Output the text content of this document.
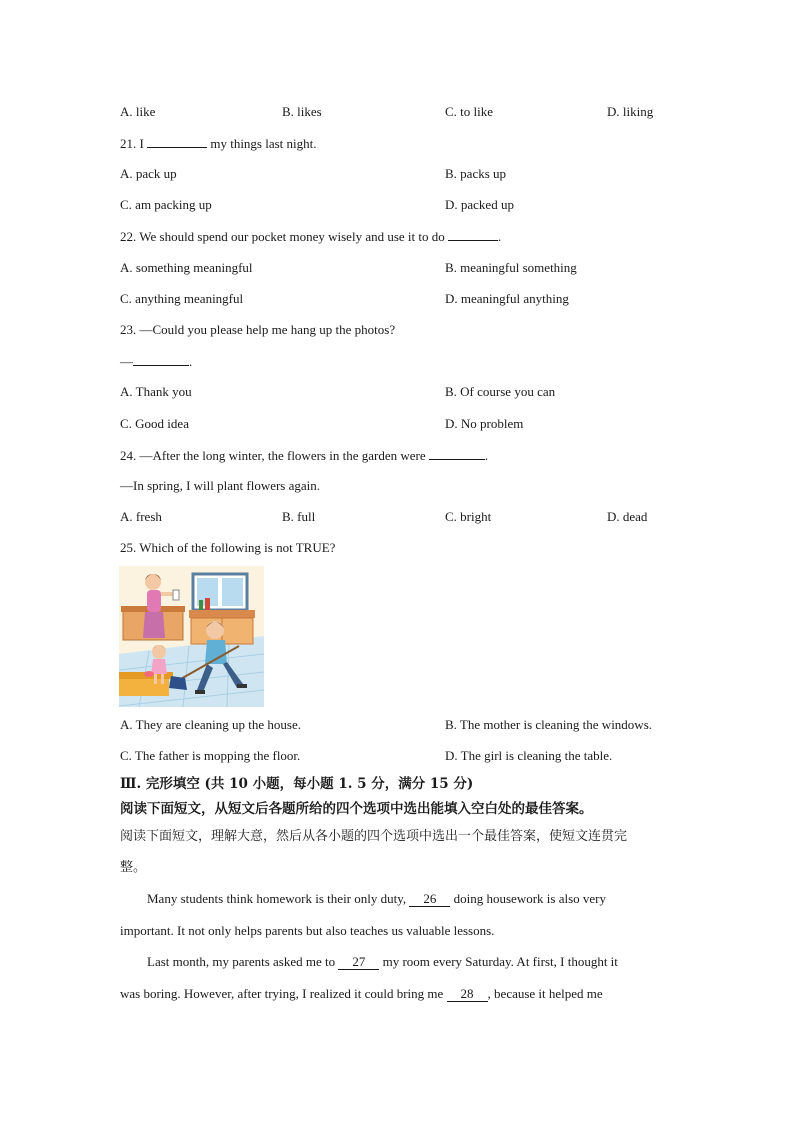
A. like	B. likes	C. to like	D. liking
21. I	my things last night.
A. pack up	B. packs up
C. am packing up	D. packed up
22. We should spend our pocket money wisely and use it to do	.
A. something meaningful	B. meaningful something
C. anything meaningful	D. meaningful anything
23. —Could you please help me hang up the photos?
—	.
A. Thank you	B. Of course you can
C. Good idea	D. No problem
24. —After the long winter, the flowers in the garden were	.
—In spring, I will plant flowers again.
A. fresh	B. full	C. bright	D. dead
25. Which of the following is not TRUE?
A. They are cleaning up the house.	B. The mother is cleaning the windows.
C. The father is mopping the floor.	D. The girl is cleaning the table.
Ⅲ. 完形填空 (共 10 小题，每小题 1. 5 分，满分 15 分)
阅读下面短文，从短文后各题所给的四个选项中选出能填入空白处的最佳答案。
阅读下面短文，理解大意，然后从各小题的四个选项中选出一个最佳答案，使短文连贯完
整。
Many students think homework is their only duty, 26 doing housework is also very
important. It not only helps parents but also teaches us valuable lessons.
Last month, my parents asked me to 27 my room every Saturday. At first, I thought it
was boring. However, after trying, I realized it could bring me 28 , because it helped me
